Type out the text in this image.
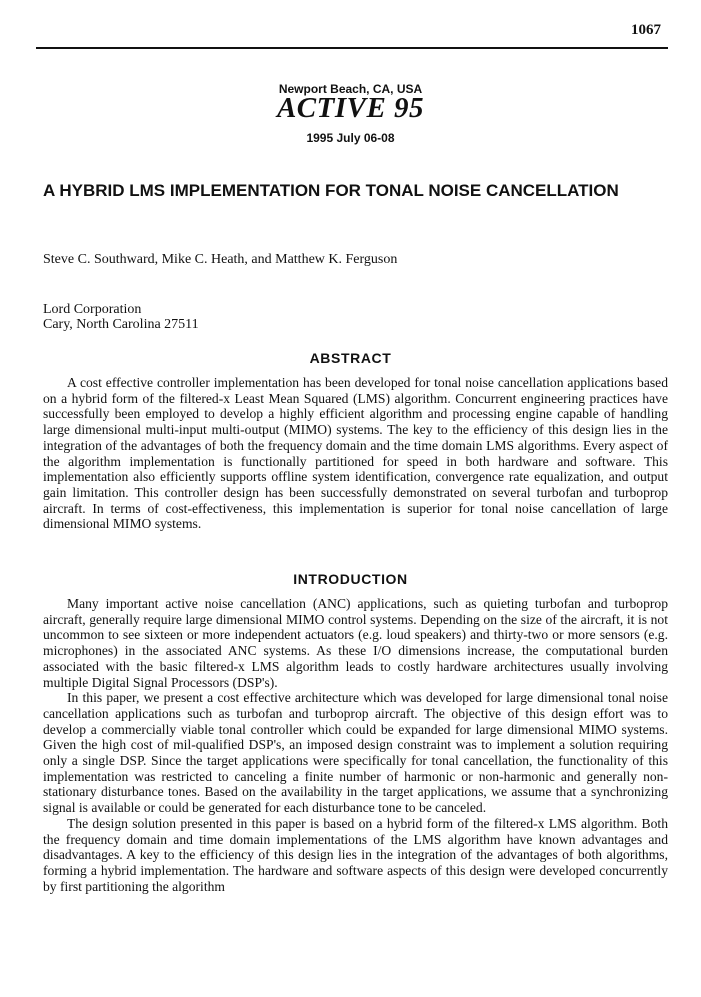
1067
Newport Beach, CA, USA
ACTIVE 95
1995 July 06-08
A HYBRID LMS IMPLEMENTATION FOR TONAL NOISE CANCELLATION
Steve C. Southward, Mike C. Heath, and Matthew K. Ferguson
Lord Corporation
Cary, North Carolina 27511
ABSTRACT

A cost effective controller implementation has been developed for tonal noise cancellation applications based on a hybrid form of the filtered-x Least Mean Squared (LMS) algorithm. Concurrent engineering practices have successfully been employed to develop a highly efficient algorithm and processing engine capable of handling large dimensional multi-input multi-output (MIMO) systems. The key to the efficiency of this design lies in the integration of the advantages of both the frequency domain and the time domain LMS algorithms. Every aspect of the algorithm implementation is functionally partitioned for speed in both hardware and software. This implementation also efficiently supports offline system identification, convergence rate equalization, and output gain limitation. This controller design has been successfully demonstrated on several turbofan and turboprop aircraft. In terms of cost-effectiveness, this implementation is superior for tonal noise cancellation of large dimensional MIMO systems.

INTRODUCTION

Many important active noise cancellation (ANC) applications, such as quieting turbofan and turboprop aircraft, generally require large dimensional MIMO control systems. Depending on the size of the aircraft, it is not uncommon to see sixteen or more independent actuators (e.g. loud speakers) and thirty-two or more sensors (e.g. microphones) in the associated ANC systems. As these I/O dimensions increase, the computational burden associated with the basic filtered-x LMS algorithm leads to costly hardware architectures usually involving multiple Digital Signal Processors (DSP's).

In this paper, we present a cost effective architecture which was developed for large dimensional tonal noise cancellation applications such as turbofan and turboprop aircraft. The objective of this design effort was to develop a commercially viable tonal controller which could be expanded for large dimensional MIMO systems. Given the high cost of mil-qualified DSP's, an imposed design constraint was to implement a solution requiring only a single DSP. Since the target applications were specifically for tonal cancellation, the functionality of this implementation was restricted to canceling a finite number of harmonic or non-harmonic and generally non-stationary disturbance tones. Based on the availability in the target applications, we assume that a synchronizing signal is available or could be generated for each disturbance tone to be canceled.

The design solution presented in this paper is based on a hybrid form of the filtered-x LMS algorithm. Both the frequency domain and time domain implementations of the LMS algorithm have known advantages and disadvantages. A key to the efficiency of this design lies in the integration of the advantages of both algorithms, forming a hybrid implementation. The hardware and software aspects of this design were developed concurrently by first partitioning the algorithm
